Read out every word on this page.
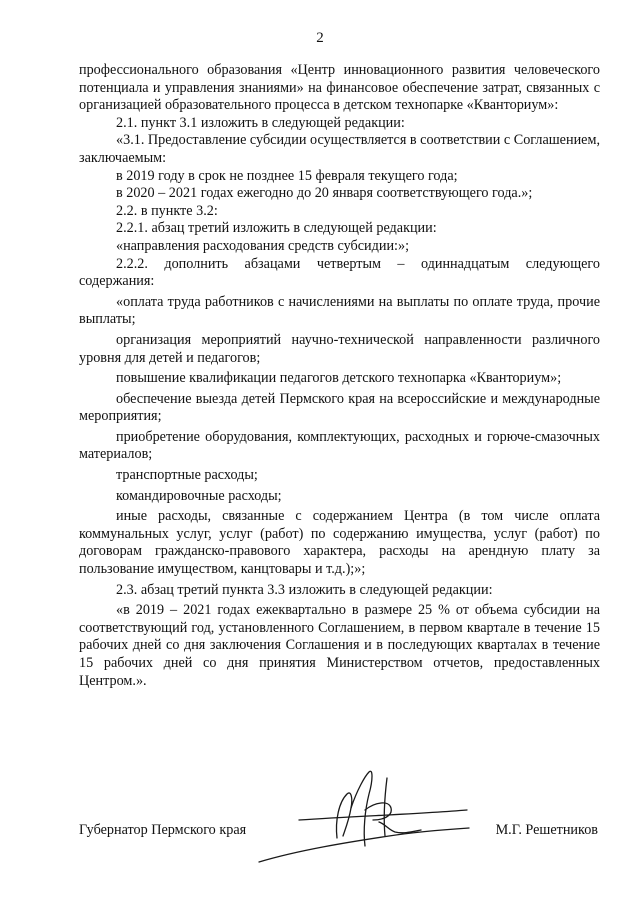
2

профессионального образования «Центр инновационного развития человеческого потенциала и управления знаниями» на финансовое обеспечение затрат, связанных с организацией образовательного процесса в детском технопарке «Кванториум»:

2.1. пункт 3.1 изложить в следующей редакции:

«3.1. Предоставление субсидии осуществляется в соответствии с Соглашением, заключаемым:

в 2019 году в срок не позднее 15 февраля текущего года;

в 2020 – 2021 годах ежегодно до 20 января соответствующего года.»;

2.2. в пункте 3.2:

2.2.1. абзац третий изложить в следующей редакции:

«направления расходования средств субсидии:»;

2.2.2. дополнить абзацами четвертым – одиннадцатым следующего содержания:

«оплата труда работников с начислениями на выплаты по оплате труда, прочие выплаты;

организация мероприятий научно-технической направленности различного уровня для детей и педагогов;

повышение квалификации педагогов детского технопарка «Кванториум»;

обеспечение выезда детей Пермского края на всероссийские и международные мероприятия;

приобретение оборудования, комплектующих, расходных и горюче-смазочных материалов;

транспортные расходы;

командировочные расходы;

иные расходы, связанные с содержанием Центра (в том числе оплата коммунальных услуг, услуг (работ) по содержанию имущества, услуг (работ) по договорам гражданско-правового характера, расходы на арендную плату за пользование имуществом, канцтовары и т.д.);»;

2.3. абзац третий пункта 3.3 изложить в следующей редакции:

«в 2019 – 2021 годах ежеквартально в размере 25 % от объема субсидии на соответствующий год, установленного Соглашением, в первом квартале в течение 15 рабочих дней со дня заключения Соглашения и в последующих кварталах в течение 15 рабочих дней со дня принятия Министерством отчетов, предоставленных Центром.».

Губернатор Пермского края	М.Г. Решетников
